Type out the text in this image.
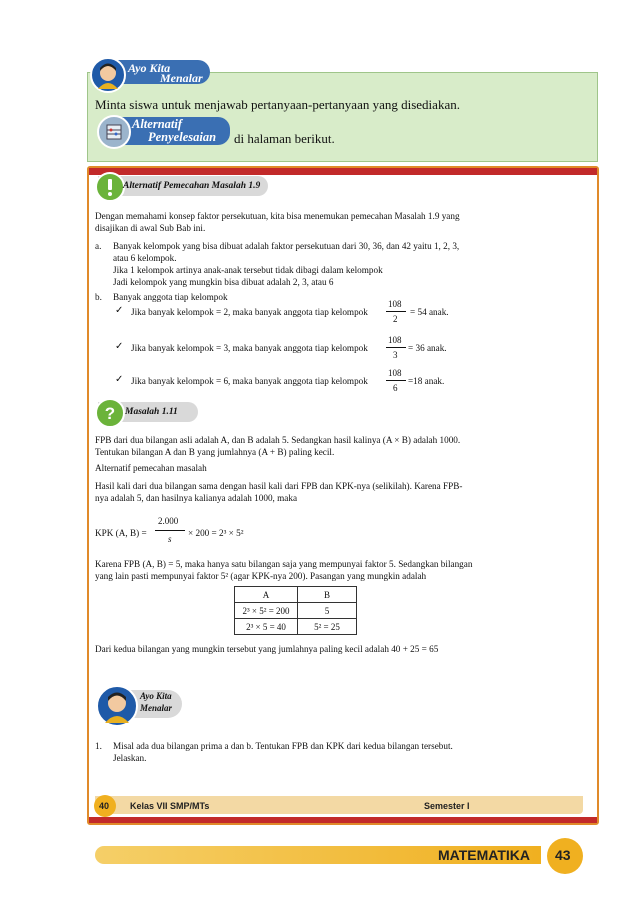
Ayo Kita
Menalar
Minta siswa untuk menjawab pertanyaan-pertanyaan yang disediakan.
Alternatif
Penyelesaian di halaman berikut.
Alternatif Pemecahan Masalah 1.9
Dengan memahami konsep faktor persekutuan, kita bisa menemukan pemecahan Masalah 1.9 yang
disajikan di awal Sub Bab ini.
a. Banyak kelompok yang bisa dibuat adalah faktor persekutuan dari 30, 36, dan 42 yaitu 1, 2, 3,
atau 6 kelompok.
Jika 1 kelompok artinya anak-anak tersebut tidak dibagi dalam kelompok
Jadi kelompok yang mungkin bisa dibuat adalah 2, 3, atau 6
b. Banyak anggota tiap kelompok
✓ Jika banyak kelompok = 2, maka banyak anggota tiap kelompok
108
2
= 54 anak.
✓ Jika banyak kelompok = 3, maka banyak anggota tiap kelompok
108
3
= 36 anak.
✓ Jika banyak kelompok = 6, maka banyak anggota tiap kelompok
108
6
=18 anak.
? Masalah 1.11
FPB dari dua bilangan asli adalah A, dan B adalah 5. Sedangkan hasil kalinya (A × B) adalah 1000.
Tentukan bilangan A dan B yang jumlahnya (A + B) paling kecil.
Alternatif pemecahan masalah
Hasil kali dari dua bilangan sama dengan hasil kali dari FPB dan KPK-nya (selikilah). Karena FPB-
nya adalah 5, dan hasilnya kalianya adalah 1000, maka
KPK (A, B) =
2.000
s
× 200 = 2³ × 5²
Karena FPB (A, B) = 5, maka hanya satu bilangan saja yang mempunyai faktor 5. Sedangkan bilangan
yang lain pasti mempunyai faktor 5² (agar KPK-nya 200). Pasangan yang mungkin adalah
A	B
2³ × 5² = 200	5
2³ × 5 = 40	5² = 25
Dari kedua bilangan yang mungkin tersebut yang jumlahnya paling kecil adalah 40 + 25 = 65
Ayo Kita
Menalar
1. Misal ada dua bilangan prima a dan b. Tentukan FPB dan KPK dari kedua bilangan tersebut.
Jelaskan.
40 Kelas VII SMP/MTs	Semester I
MATEMATIKA 43
